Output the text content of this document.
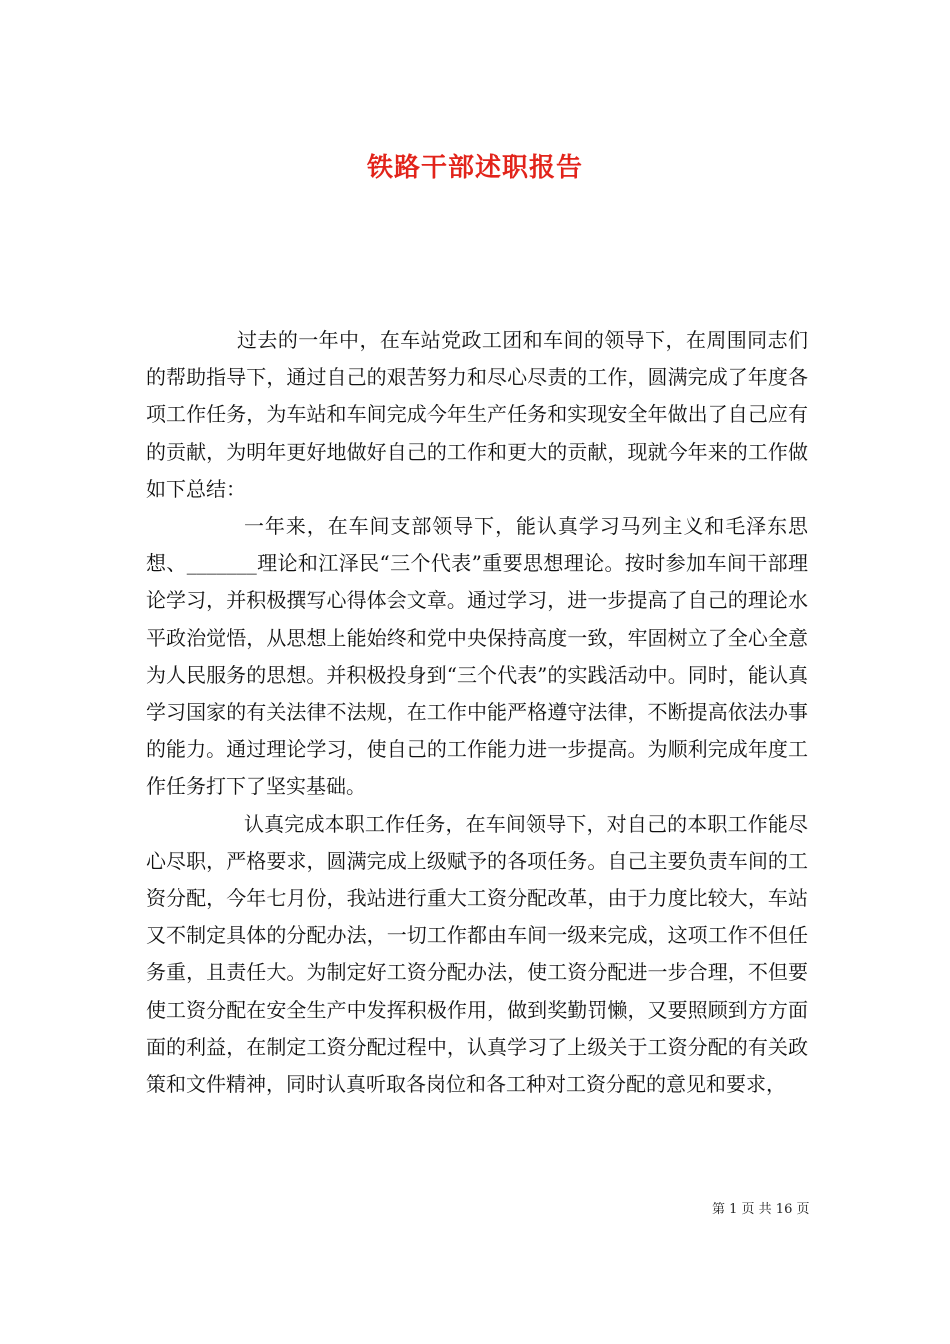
铁路干部述职报告

过去的一年中，在车站党政工团和车间的领导下，在周围同志们的帮助指导下，通过自己的艰苦努力和尽心尽责的工作，圆满完成了年度各项工作任务，为车站和车间完成今年生产任务和实现安全年做出了自己应有的贡献，为明年更好地做好自己的工作和更大的贡献，现就今年来的工作做如下总结：

一年来，在车间支部领导下，能认真学习马列主义和毛泽东思想、_______理论和江泽民“三个代表”重要思想理论。按时参加车间干部理论学习，并积极撰写心得体会文章。通过学习，进一步提高了自己的理论水平政治觉悟，从思想上能始终和党中央保持高度一致，牢固树立了全心全意为人民服务的思想。并积极投身到“三个代表”的实践活动中。同时，能认真学习国家的有关法律不法规，在工作中能严格遵守法律，不断提高依法办事的能力。通过理论学习，使自己的工作能力进一步提高。为顺利完成年度工作任务打下了坚实基础。

认真完成本职工作任务，在车间领导下，对自己的本职工作能尽心尽职，严格要求，圆满完成上级赋予的各项任务。自己主要负责车间的工资分配，今年七月份，我站进行重大工资分配改革，由于力度比较大，车站又不制定具体的分配办法，一切工作都由车间一级来完成，这项工作不但任务重，且责任大。为制定好工资分配办法，使工资分配进一步合理，不但要使工资分配在安全生产中发挥积极作用，做到奖勤罚懒，又要照顾到方方面面的利益，在制定工资分配过程中，认真学习了上级关于工资分配的有关政策和文件精神，同时认真听取各岗位和各工种对工资分配的意见和要求，

第 1 页 共 16 页
